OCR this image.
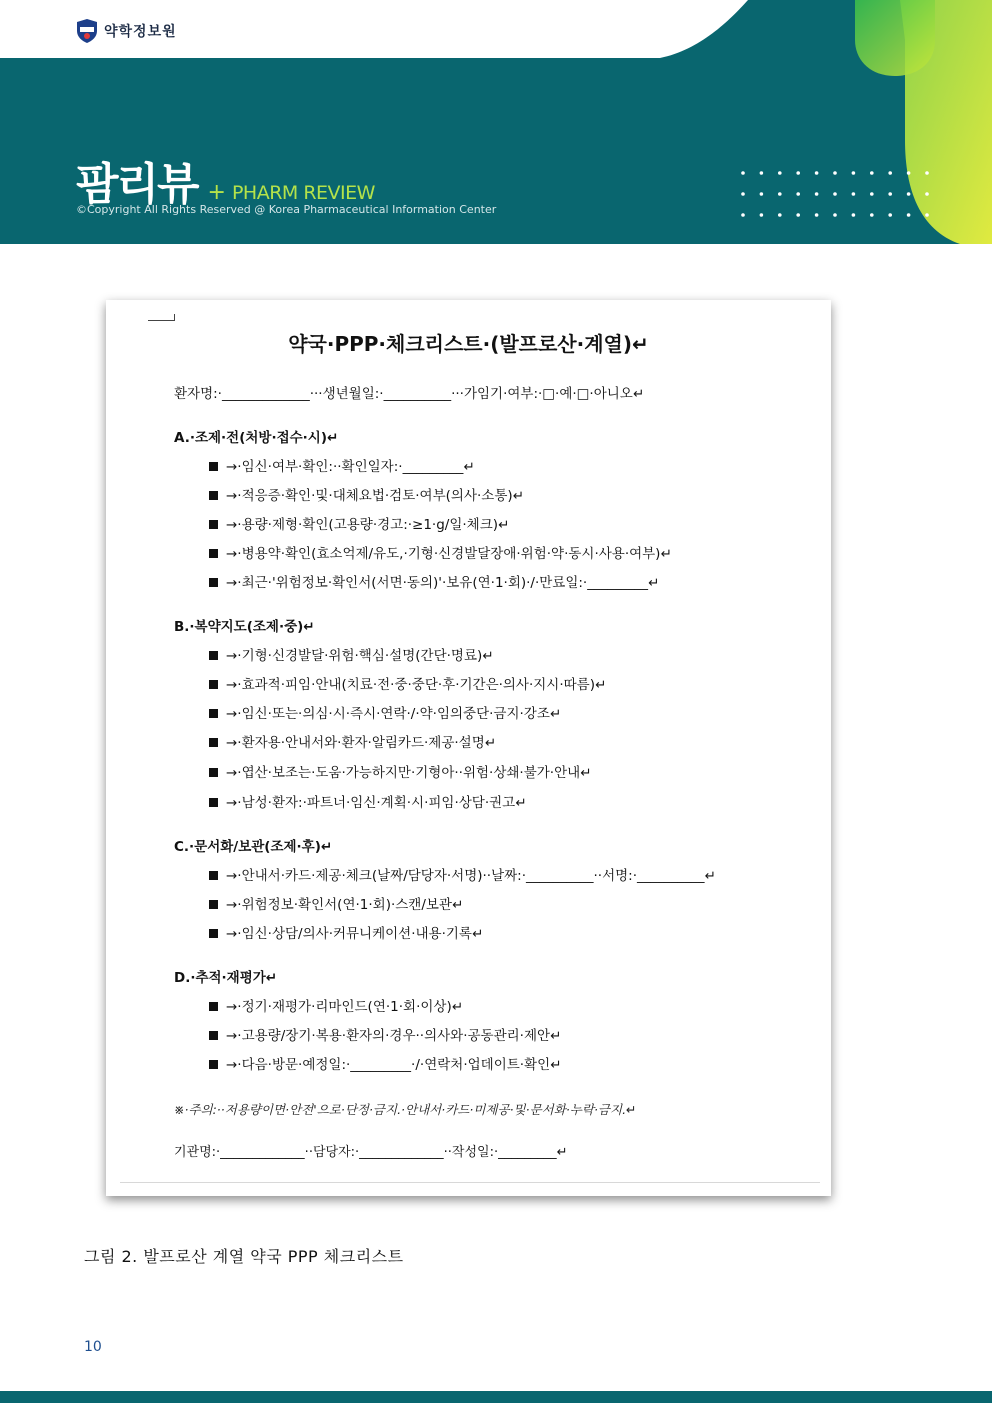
약학정보원
팜리뷰 + PHARM REVIEW
©Copyright All Rights Reserved @ Korea Pharmaceutical Information Center
약국·PPP·체크리스트·(발프로산·계열)↵
환자명:·_____________···생년월일:·__________···가임기·여부:·□·예·□·아니오↵
A.·조제·전(처방·접수·시)↵
→·임신·여부·확인:··확인일자:·_________↵
→·적응증·확인·및·대체요법·검토·여부(의사·소통)↵
→·용량·제형·확인(고용량·경고:·≥1·g/일·체크)↵
→·병용약·확인(효소억제/유도,·기형·신경발달장애·위험·약·동시·사용·여부)↵
→·최근·'위험정보·확인서(서면·동의)'·보유(연·1·회)·/·만료일:·_________↵
B.·복약지도(조제·중)↵
→·기형·신경발달·위험·핵심·설명(간단·명료)↵
→·효과적·피임·안내(치료·전·중·중단·후·기간은·의사·지시·따름)↵
→·임신·또는·의심·시·즉시·연락·/·약·임의중단·금지·강조↵
→·환자용·안내서와·환자·알림카드·제공·설명↵
→·엽산·보조는·도움·가능하지만·기형아··위험·상쇄·불가·안내↵
→·남성·환자:·파트너·임신·계획·시·피임·상담·권고↵
C.·문서화/보관(조제·후)↵
→·안내서·카드·제공·체크(날짜/담당자·서명)··날짜:·__________··서명:·__________↵
→·위험정보·확인서(연·1·회)·스캔/보관↵
→·임신·상담/의사·커뮤니케이션·내용·기록↵
D.·추적·재평가↵
→·정기·재평가·리마인드(연·1·회·이상)↵
→·고용량/장기·복용·환자의·경우··의사와·공동관리·제안↵
→·다음·방문·예정일:·_________·/·연락처·업데이트·확인↵
※·주의:··저용량이면·안전'으로·단정·금지.·안내서·카드·미제공·및·문서화·누락·금지.↵
기관명:·_____________··담당자:·_____________··작성일:·_________↵
그림 2. 발프로산 계열 약국 PPP 체크리스트
10
